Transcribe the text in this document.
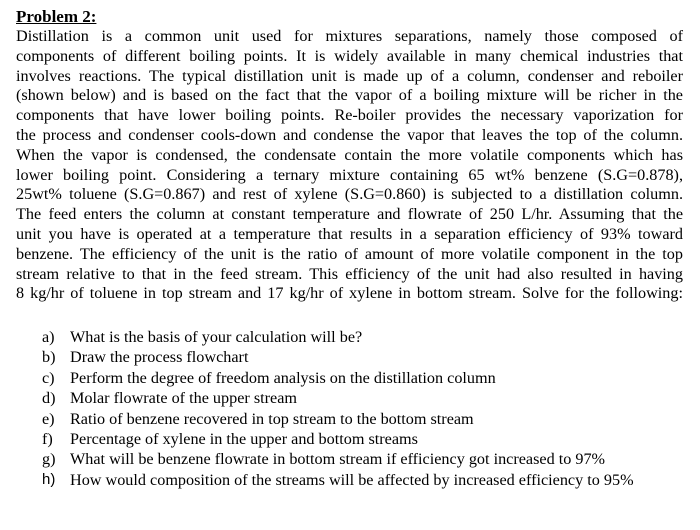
Problem 2:

Distillation is a common unit used for mixtures separations, namely those composed of
components of different boiling points. It is widely available in many chemical industries that
involves reactions. The typical distillation unit is made up of a column, condenser and reboiler
(shown below) and is based on the fact that the vapor of a boiling mixture will be richer in the
components that have lower boiling points. Re-boiler provides the necessary vaporization for
the process and condenser cools-down and condense the vapor that leaves the top of the column.
When the vapor is condensed, the condensate contain the more volatile components which has
lower boiling point. Considering a ternary mixture containing 65 wt% benzene (S.G=0.878),
25wt% toluene (S.G=0.867) and rest of xylene (S.G=0.860) is subjected to a distillation column.
The feed enters the column at constant temperature and flowrate of 250 L/hr. Assuming that the
unit you have is operated at a temperature that results in a separation efficiency of 93% toward
benzene. The efficiency of the unit is the ratio of amount of more volatile component in the top
stream relative to that in the feed stream. This efficiency of the unit had also resulted in having
8 kg/hr of toluene in top stream and 17 kg/hr of xylene in bottom stream. Solve for the following:

a) What is the basis of your calculation will be?
b) Draw the process flowchart
c) Perform the degree of freedom analysis on the distillation column
d) Molar flowrate of the upper stream
e) Ratio of benzene recovered in top stream to the bottom stream
f)	Percentage of xylene in the upper and bottom streams
g) What will be benzene flowrate in bottom stream if efficiency got increased to 97%
h) How would composition of the streams will be affected by increased efficiency to 95%
